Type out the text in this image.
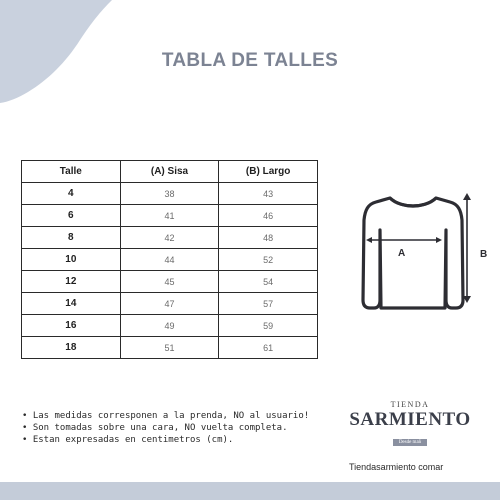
TABLA DE TALLES
Talle	(A) Sisa	(B) Largo
4	38	43
6	41	46
8	42	48
10	44	52
12	45	54
14	47	57
16	49	59
18	51	61
A	B
• Las medidas corresponen a la prenda, NO al usuario!
• Son tomadas sobre una cara, NO vuelta completa.
• Estan expresadas en centimetros (cm).
TIENDA
SARMIENTO
Desde mañ
Tiendasarmiento comar
